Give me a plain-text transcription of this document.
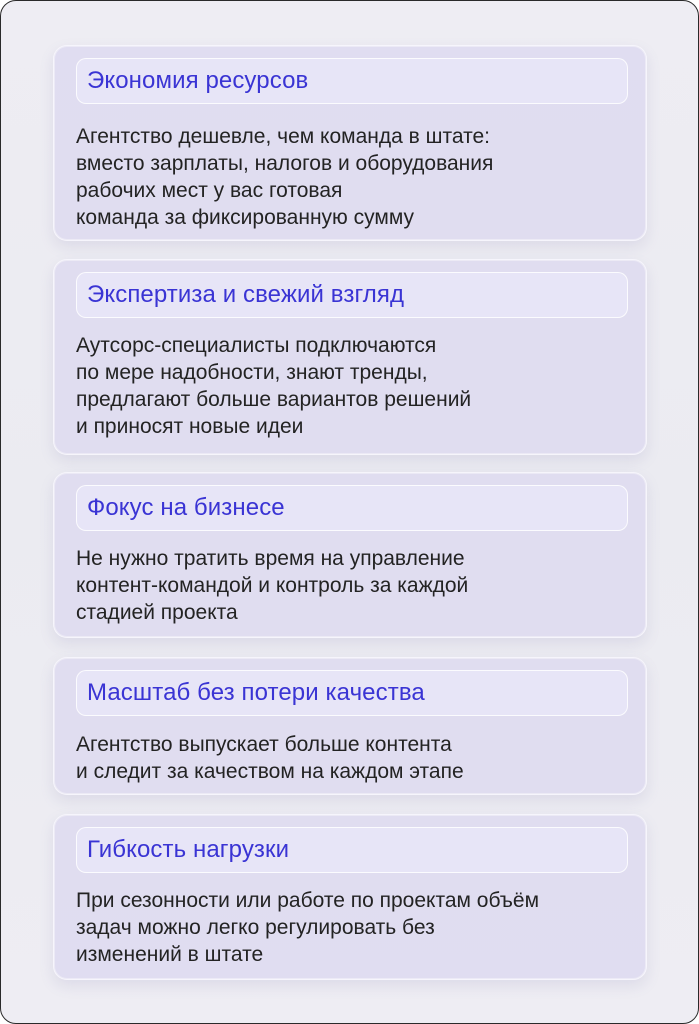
Экономия ресурсов
Агентство дешевле, чем команда в штате:
вместо зарплаты, налогов и оборудования
рабочих мест у вас готовая
команда за фиксированную сумму
Экспертиза и свежий взгляд
Аутсорс-специалисты подключаются
по мере надобности, знают тренды,
предлагают больше вариантов решений
и приносят новые идеи
Фокус на бизнесе
Не нужно тратить время на управление
контент-командой и контроль за каждой
стадией проекта
Масштаб без потери качества
Агентство выпускает больше контента
и следит за качеством на каждом этапе
Гибкость нагрузки
При сезонности или работе по проектам объём
задач можно легко регулировать без
изменений в штате
